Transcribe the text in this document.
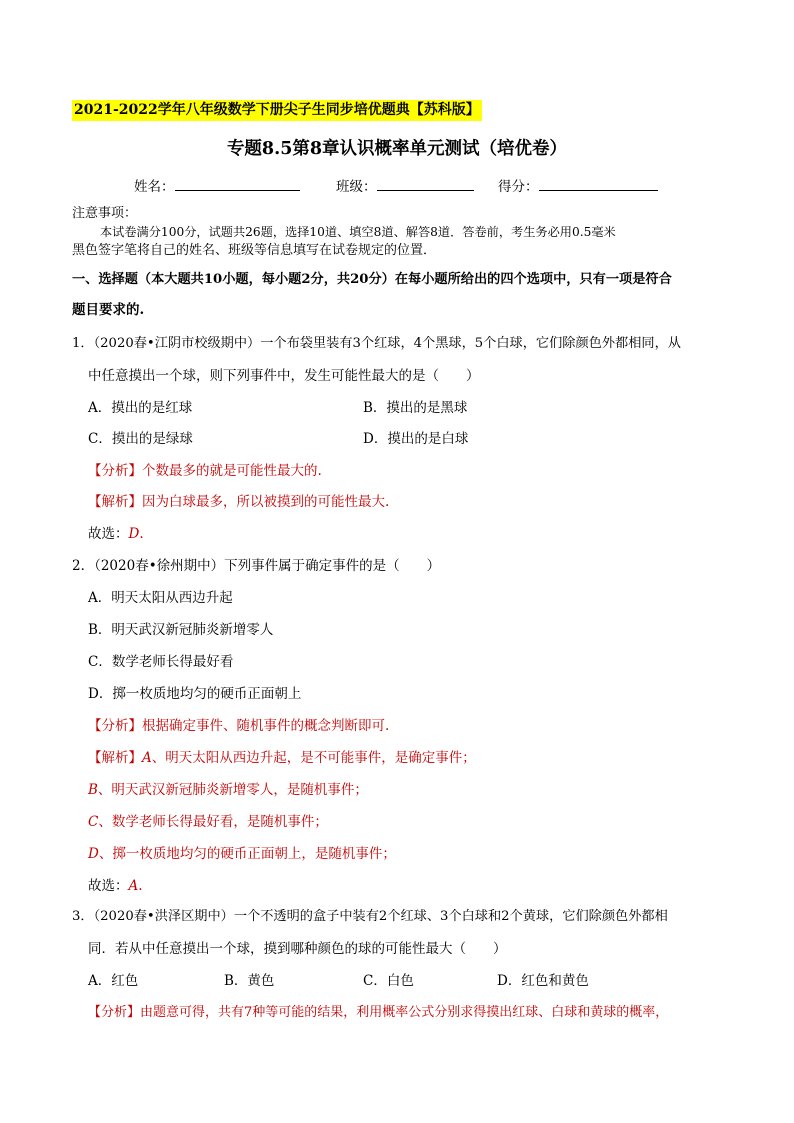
2021-2022学年八年级数学下册尖子生同步培优题典【苏科版】
专题8.5第8章认识概率单元测试（培优卷）
姓名：	班级：	得分：
注意事项：
本试卷满分100分，试题共26题，选择10道、填空8道、解答8道．答卷前，考生务必用0.5毫米
黑色签字笔将自己的姓名、班级等信息填写在试卷规定的位置．
一、选择题（本大题共10小题，每小题2分，共20分）在每小题所给出的四个选项中，只有一项是符合
题目要求的.
1．（2020春•江阴市校级期中）一个布袋里装有3个红球，4个黑球，5个白球，它们除颜色外都相同，从
中任意摸出一个球，则下列事件中，发生可能性最大的是（　　）
A．摸出的是红球	B．摸出的是黑球
C．摸出的是绿球	D．摸出的是白球
【分析】个数最多的就是可能性最大的.
【解析】因为白球最多，所以被摸到的可能性最大.
故选：D.
2．（2020春•徐州期中）下列事件属于确定事件的是（　　）
A．明天太阳从西边升起
B．明天武汉新冠肺炎新增零人
C．数学老师长得最好看
D．掷一枚质地均匀的硬币正面朝上
【分析】根据确定事件、随机事件的概念判断即可.
【解析】A、明天太阳从西边升起，是不可能事件，是确定事件；
B、明天武汉新冠肺炎新增零人，是随机事件；
C、数学老师长得最好看，是随机事件；
D、掷一枚质地均匀的硬币正面朝上，是随机事件；
故选：A.
3．（2020春•洪泽区期中）一个不透明的盒子中装有2个红球、3个白球和2个黄球，它们除颜色外都相
同．若从中任意摸出一个球，摸到哪种颜色的球的可能性最大（　　）
A．红色	B．黄色	C．白色	D．红色和黄色
【分析】由题意可得，共有7种等可能的结果，利用概率公式分别求得摸出红球、白球和黄球的概率，
